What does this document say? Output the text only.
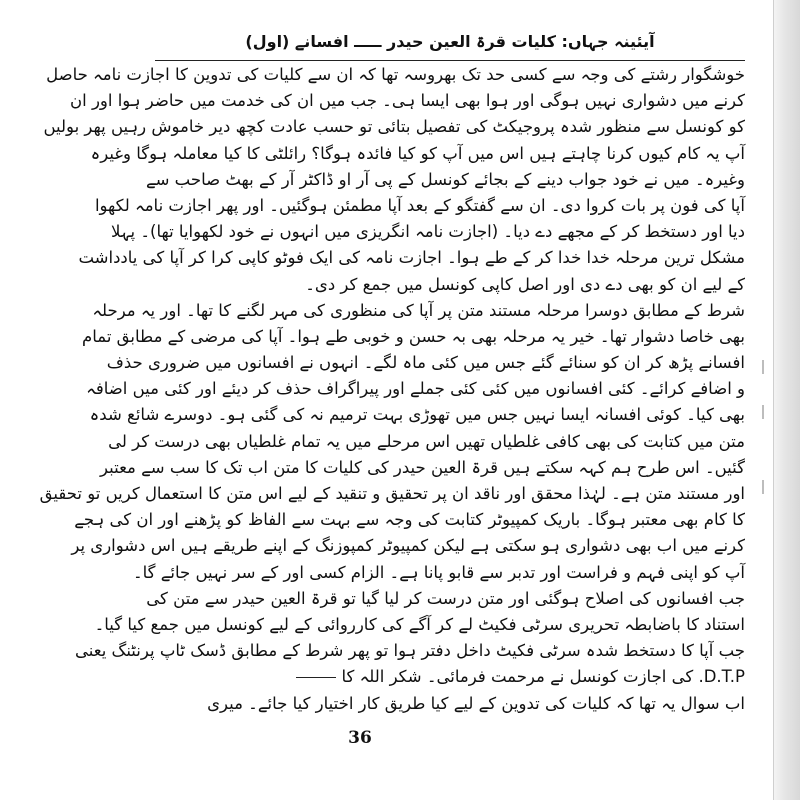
آیئینہ جہاں: کلیات قرۃ العین حیدر ـــــ افسانے (اول)
خوشگوار رشتے کی وجہ سے کسی حد تک بھروسہ تھا کہ ان سے کلیات کی تدوین کا اجازت نامہ حاصل
کرنے میں دشواری نہیں ہوگی اور ہوا بھی ایسا ہی۔ جب میں ان کی خدمت میں حاضر ہوا اور ان
کو کونسل سے منظور شدہ پروجیکٹ کی تفصیل بتائی تو حسب عادت کچھ دیر خاموش رہیں پھر بولیں
آپ یہ کام کیوں کرنا چاہتے ہیں اس میں آپ کو کیا فائدہ ہوگا؟ رائلٹی کا کیا معاملہ ہوگا وغیرہ
وغیرہ۔ میں نے خود جواب دینے کے بجائے کونسل کے پی آر او ڈاکٹر آر کے بھٹ صاحب سے
آپا کی فون پر بات کروا دی۔ ان سے گفتگو کے بعد آپا مطمئن ہوگئیں۔ اور پھر اجازت نامہ لکھوا
دیا اور دستخط کر کے مجھے دے دیا۔ (اجازت نامہ انگریزی میں انہوں نے خود لکھوایا تھا)۔ پہلا
مشکل ترین مرحلہ خدا خدا کر کے طے ہوا۔ اجازت نامہ کی ایک فوٹو کاپی کرا کر آپا کی یادداشت
کے لیے ان کو بھی دے دی اور اصل کاپی کونسل میں جمع کر دی۔
شرط کے مطابق دوسرا مرحلہ مستند متن پر آپا کی منظوری کی مہر لگنے کا تھا۔ اور یہ مرحلہ
بھی خاصا دشوار تھا۔ خیر یہ مرحلہ بھی بہ حسن و خوبی طے ہوا۔ آپا کی مرضی کے مطابق تمام
افسانے پڑھ کر ان کو سنائے گئے جس میں کئی ماہ لگے۔ انہوں نے افسانوں میں ضروری حذف
و اضافے کرائے۔ کئی افسانوں میں کئی کئی جملے اور پیراگراف حذف کر دیئے اور کئی میں اضافہ
بھی کیا۔ کوئی افسانہ ایسا نہیں جس میں تھوڑی بہت ترمیم نہ کی گئی ہو۔ دوسرے شائع شدہ
متن میں کتابت کی بھی کافی غلطیاں تھیں اس مرحلے میں یہ تمام غلطیاں بھی درست کر لی
گئیں۔ اس طرح ہم کہہ سکتے ہیں قرۃ العین حیدر کی کلیات کا متن اب تک کا سب سے معتبر
اور مستند متن ہے۔ لہٰذا محقق اور ناقد ان پر تحقیق و تنقید کے لیے اس متن کا استعمال کریں تو تحقیق
کا کام بھی معتبر ہوگا۔ باریک کمپیوٹر کتابت کی وجہ سے بہت سے الفاظ کو پڑھنے اور ان کی ہجے
کرنے میں اب بھی دشواری ہو سکتی ہے لیکن کمپیوٹر کمپوزنگ کے اپنے طریقے ہیں اس دشواری پر
آپ کو اپنی فہم و فراست اور تدبر سے قابو پانا ہے۔ الزام کسی اور کے سر نہیں جائے گا۔
جب افسانوں کی اصلاح ہوگئی اور متن درست کر لیا گیا تو قرۃ العین حیدر سے متن کی
استناد کا باضابطہ تحریری سرٹی فکیٹ لے کر آگے کی کارروائی کے لیے کونسل میں جمع کیا گیا۔
جب آپا کا دستخط شدہ سرٹی فکیٹ داخل دفتر ہوا تو پھر شرط کے مطابق ڈسک ٹاپ پرنٹنگ یعنی
D.T.P. کی اجازت کونسل نے مرحمت فرمائی۔ شکر اللہ کا
اب سوال یہ تھا کہ کلیات کی تدوین کے لیے کیا طریق کار اختیار کیا جائے۔ میری
36
